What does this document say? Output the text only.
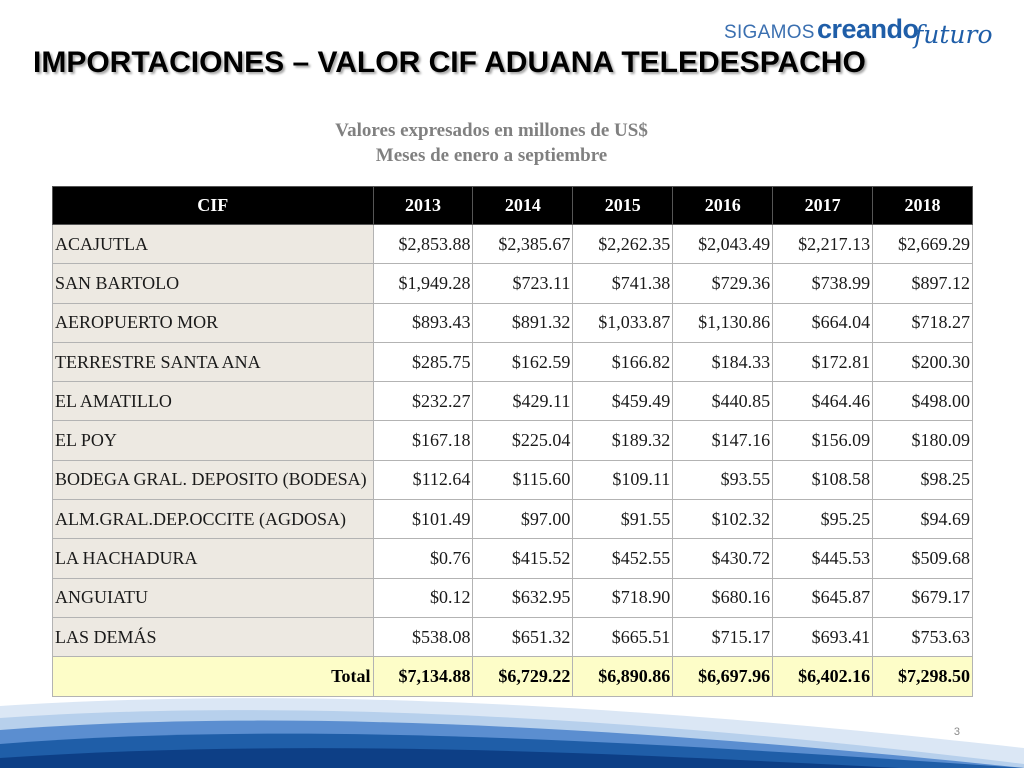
SIGAMOS creando
futuro
IMPORTACIONES – VALOR CIF ADUANA TELEDESPACHO
Valores expresados en millones de US$
Meses de enero a septiembre
CIF	2013	2014	2015	2016	2017	2018
ACAJUTLA	$2,853.88	$2,385.67	$2,262.35	$2,043.49	$2,217.13	$2,669.29
SAN BARTOLO	$1,949.28	$723.11	$741.38	$729.36	$738.99	$897.12
AEROPUERTO MOR	$893.43	$891.32	$1,033.87	$1,130.86	$664.04	$718.27
TERRESTRE SANTA ANA	$285.75	$162.59	$166.82	$184.33	$172.81	$200.30
EL AMATILLO	$232.27	$429.11	$459.49	$440.85	$464.46	$498.00
EL POY	$167.18	$225.04	$189.32	$147.16	$156.09	$180.09
BODEGA GRAL. DEPOSITO (BODESA)	$112.64	$115.60	$109.11	$93.55	$108.58	$98.25
ALM.GRAL.DEP.OCCITE (AGDOSA)	$101.49	$97.00	$91.55	$102.32	$95.25	$94.69
LA HACHADURA	$0.76	$415.52	$452.55	$430.72	$445.53	$509.68
ANGUIATU	$0.12	$632.95	$718.90	$680.16	$645.87	$679.17
LAS DEMÁS	$538.08	$651.32	$665.51	$715.17	$693.41	$753.63
Total	$7,134.88	$6,729.22	$6,890.86	$6,697.96	$6,402.16	$7,298.50
3
